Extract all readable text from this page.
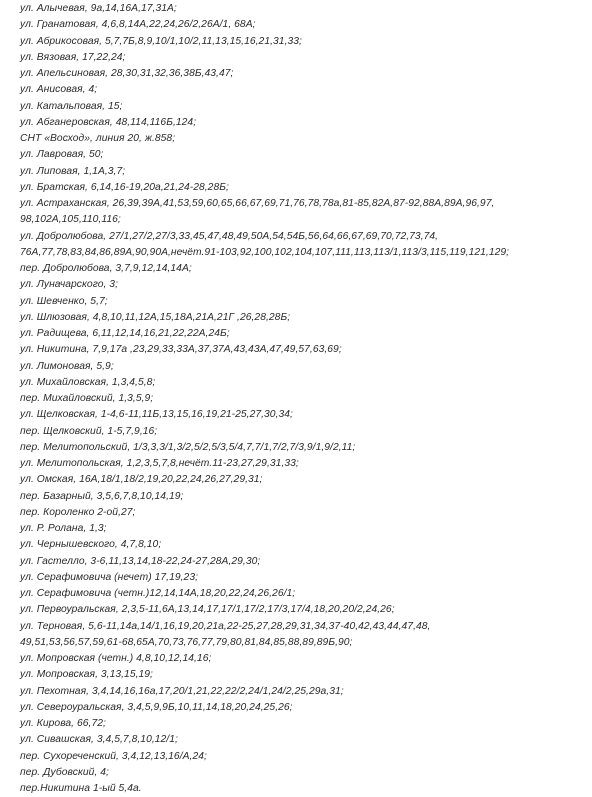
ул. Алычевая, 9а,14,16А,17,31А;
ул. Гранатовая, 4,6,8,14А,22,24,26/2,26А/1, 68А;
ул. Абрикосовая, 5,7,7Б,8,9,10/1,10/2,11,13,15,16,21,31,33;
ул. Вязовая, 17,22,24;
ул. Апельсиновая, 28,30,31,32,36,38Б,43,47;
ул. Анисовая, 4;
ул. Катальповая, 15;
ул. Абганеровская, 48,114,116Б,124;
СНТ «Восход», линия 20, ж.858;
ул. Лавровая, 50;
ул. Липовая, 1,1А,3,7;
ул. Братская, 6,14,16-19,20а,21,24-28,28Б;
ул. Астраханская, 26,39,39А,41,53,59,60,65,66,67,69,71,76,78,78а,81-85,82А,87-92,88А,89А,96,97,
98,102А,105,110,116;
ул. Добролюбова, 27/1,27/2,27/3,33,45,47,48,49,50А,54,54Б,56,64,66,67,69,70,72,73,74,
76А,77,78,83,84,86,89А,90,90А,нечёт.91-103,92,100,102,104,107,111,113,113/1,113/3,115,119,121,129;
пер. Добролюбова, 3,7,9,12,14,14А;
ул. Луначарского, 3;
ул. Шевченко, 5,7;
ул. Шлюзовая, 4,8,10,11,12А,15,18А,21А,21Г ,26,28,28Б;
ул. Радищева, 6,11,12,14,16,21,22,22А,24Б;
ул. Никитина, 7,9,17а ,23,29,33,33А,37,37А,43,43А,47,49,57,63,69;
ул. Лимоновая, 5,9;
ул. Михайловская, 1,3,4,5,8;
пер. Михайловский, 1,3,5,9;
ул. Щелковская, 1-4,6-11,11Б,13,15,16,19,21-25,27,30,34;
пер. Щелковский, 1-5,7,9,16;
пер. Мелитопольский, 1/3,3,3/1,3/2,5/2,5/3,5/4,7,7/1,7/2,7/3,9/1,9/2,11;
ул. Мелитопольская, 1,2,3,5,7,8,нечёт.11-23,27,29,31,33;
ул. Омская, 16А,18/1,18/2,19,20,22,24,26,27,29,31;
пер. Базарный, 3,5,6,7,8,10,14,19;
пер. Короленко 2-ой,27;
ул. Р. Ролана, 1,3;
ул. Чернышевского, 4,7,8,10;
ул. Гастелло, 3-6,11,13,14,18-22,24-27,28А,29,30;
ул. Серафимовича (нечет) 17,19,23;
ул. Серафимовича (четн.)12,14,14А,18,20,22,24,26,26/1;
ул. Первоуральская, 2,3,5-11,6А,13,14,17,17/1,17/2,17/3,17/4,18,20,20/2,24,26;
ул. Терновая, 5,6-11,14а,14/1,16,19,20,21а,22-25,27,28,29,31,34,37-40,42,43,44,47,48,
49,51,53,56,57,59,61-68,65А,70,73,76,77,79,80,81,84,85,88,89,89Б,90;
ул. Мопровская (четн.) 4,8,10,12,14,16;
ул. Мопровская, 3,13,15,19;
ул. Пехотная, 3,4,14,16,16а,17,20/1,21,22,22/2,24/1,24/2,25,29а,31;
ул. Североуральская, 3,4,5,9,9Б,10,11,14,18,20,24,25,26;
ул. Кирова, 66,72;
ул. Сивашская, 3,4,5,7,8,10,12/1;
пер. Сухореченский, 3,4,12,13,16/А,24;
пер. Дубовский, 4;
пер.Никитина 1-ый 5,4а.
